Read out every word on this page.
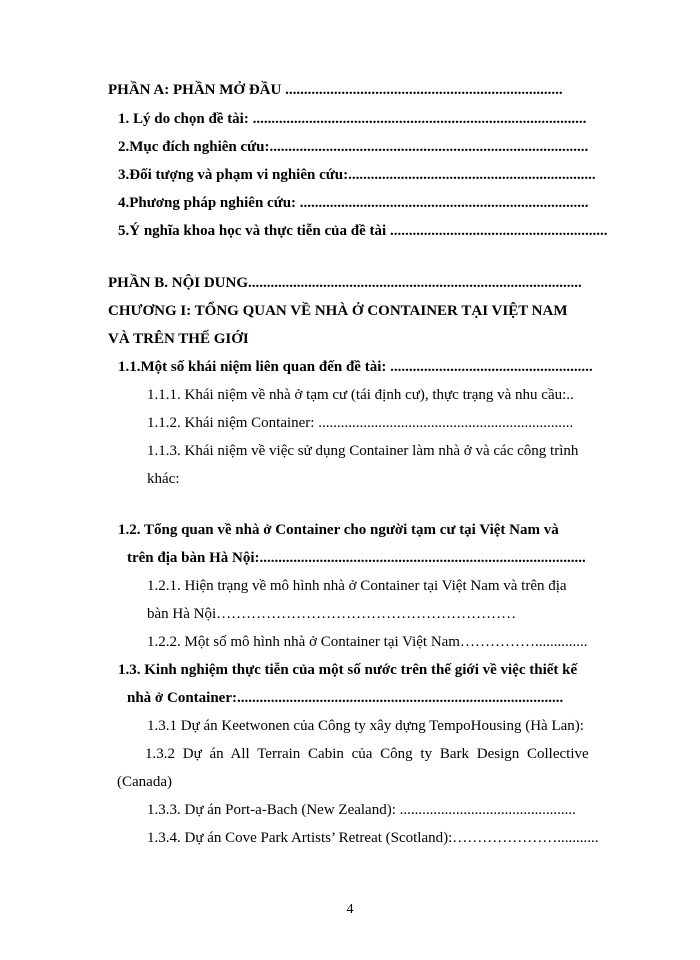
PHẦN A: PHẦN MỞ ĐẦU ..........................................................................
1. Lý do chọn đề tài: .........................................................................................
2.Mục đích nghiên cứu:.....................................................................................
3.Đối tượng và phạm vi nghiên cứu:..................................................................
4.Phương pháp nghiên cứu: .............................................................................
5.Ý nghĩa khoa học và thực tiễn của đề tài ..........................................................
PHẦN B. NỘI DUNG.........................................................................................
CHƯƠNG I: TỔNG QUAN VỀ NHÀ Ở CONTAINER TẠI VIỆT NAM
VÀ TRÊN THẾ GIỚI
1.1.Một số khái niệm liên quan đến đề tài: ......................................................
1.1.1. Khái niệm về nhà ở tạm cư (tái định cư), thực trạng và nhu cầu:..
1.1.2. Khái niệm Container: ....................................................................
1.1.3. Khái niệm về việc sử dụng Container làm nhà ở và các công trình
khác:
1.2. Tổng quan về nhà ở Container cho người tạm cư tại Việt Nam và
trên địa bàn Hà Nội:.......................................................................................
1.2.1. Hiện trạng về mô hình nhà ở Container tại Việt Nam và trên địa
bàn Hà Nội……………………………………………………
1.2.2. Một số mô hình nhà ở Container tại Việt Nam……………..............
1.3. Kinh nghiệm thực tiễn của một số nước trên thế giới về việc thiết kế
nhà ở Container:.......................................................................................
1.3.1 Dự án Keetwonen của Công ty xây dựng TempoHousing (Hà Lan):
1.3.2 Dự án All Terrain Cabin của Công ty Bark Design Collective
(Canada)
1.3.3. Dự án Port-a-Bach (New Zealand): ...............................................
1.3.4. Dự án Cove Park Artists’ Retreat (Scotland):…………………...........
4
